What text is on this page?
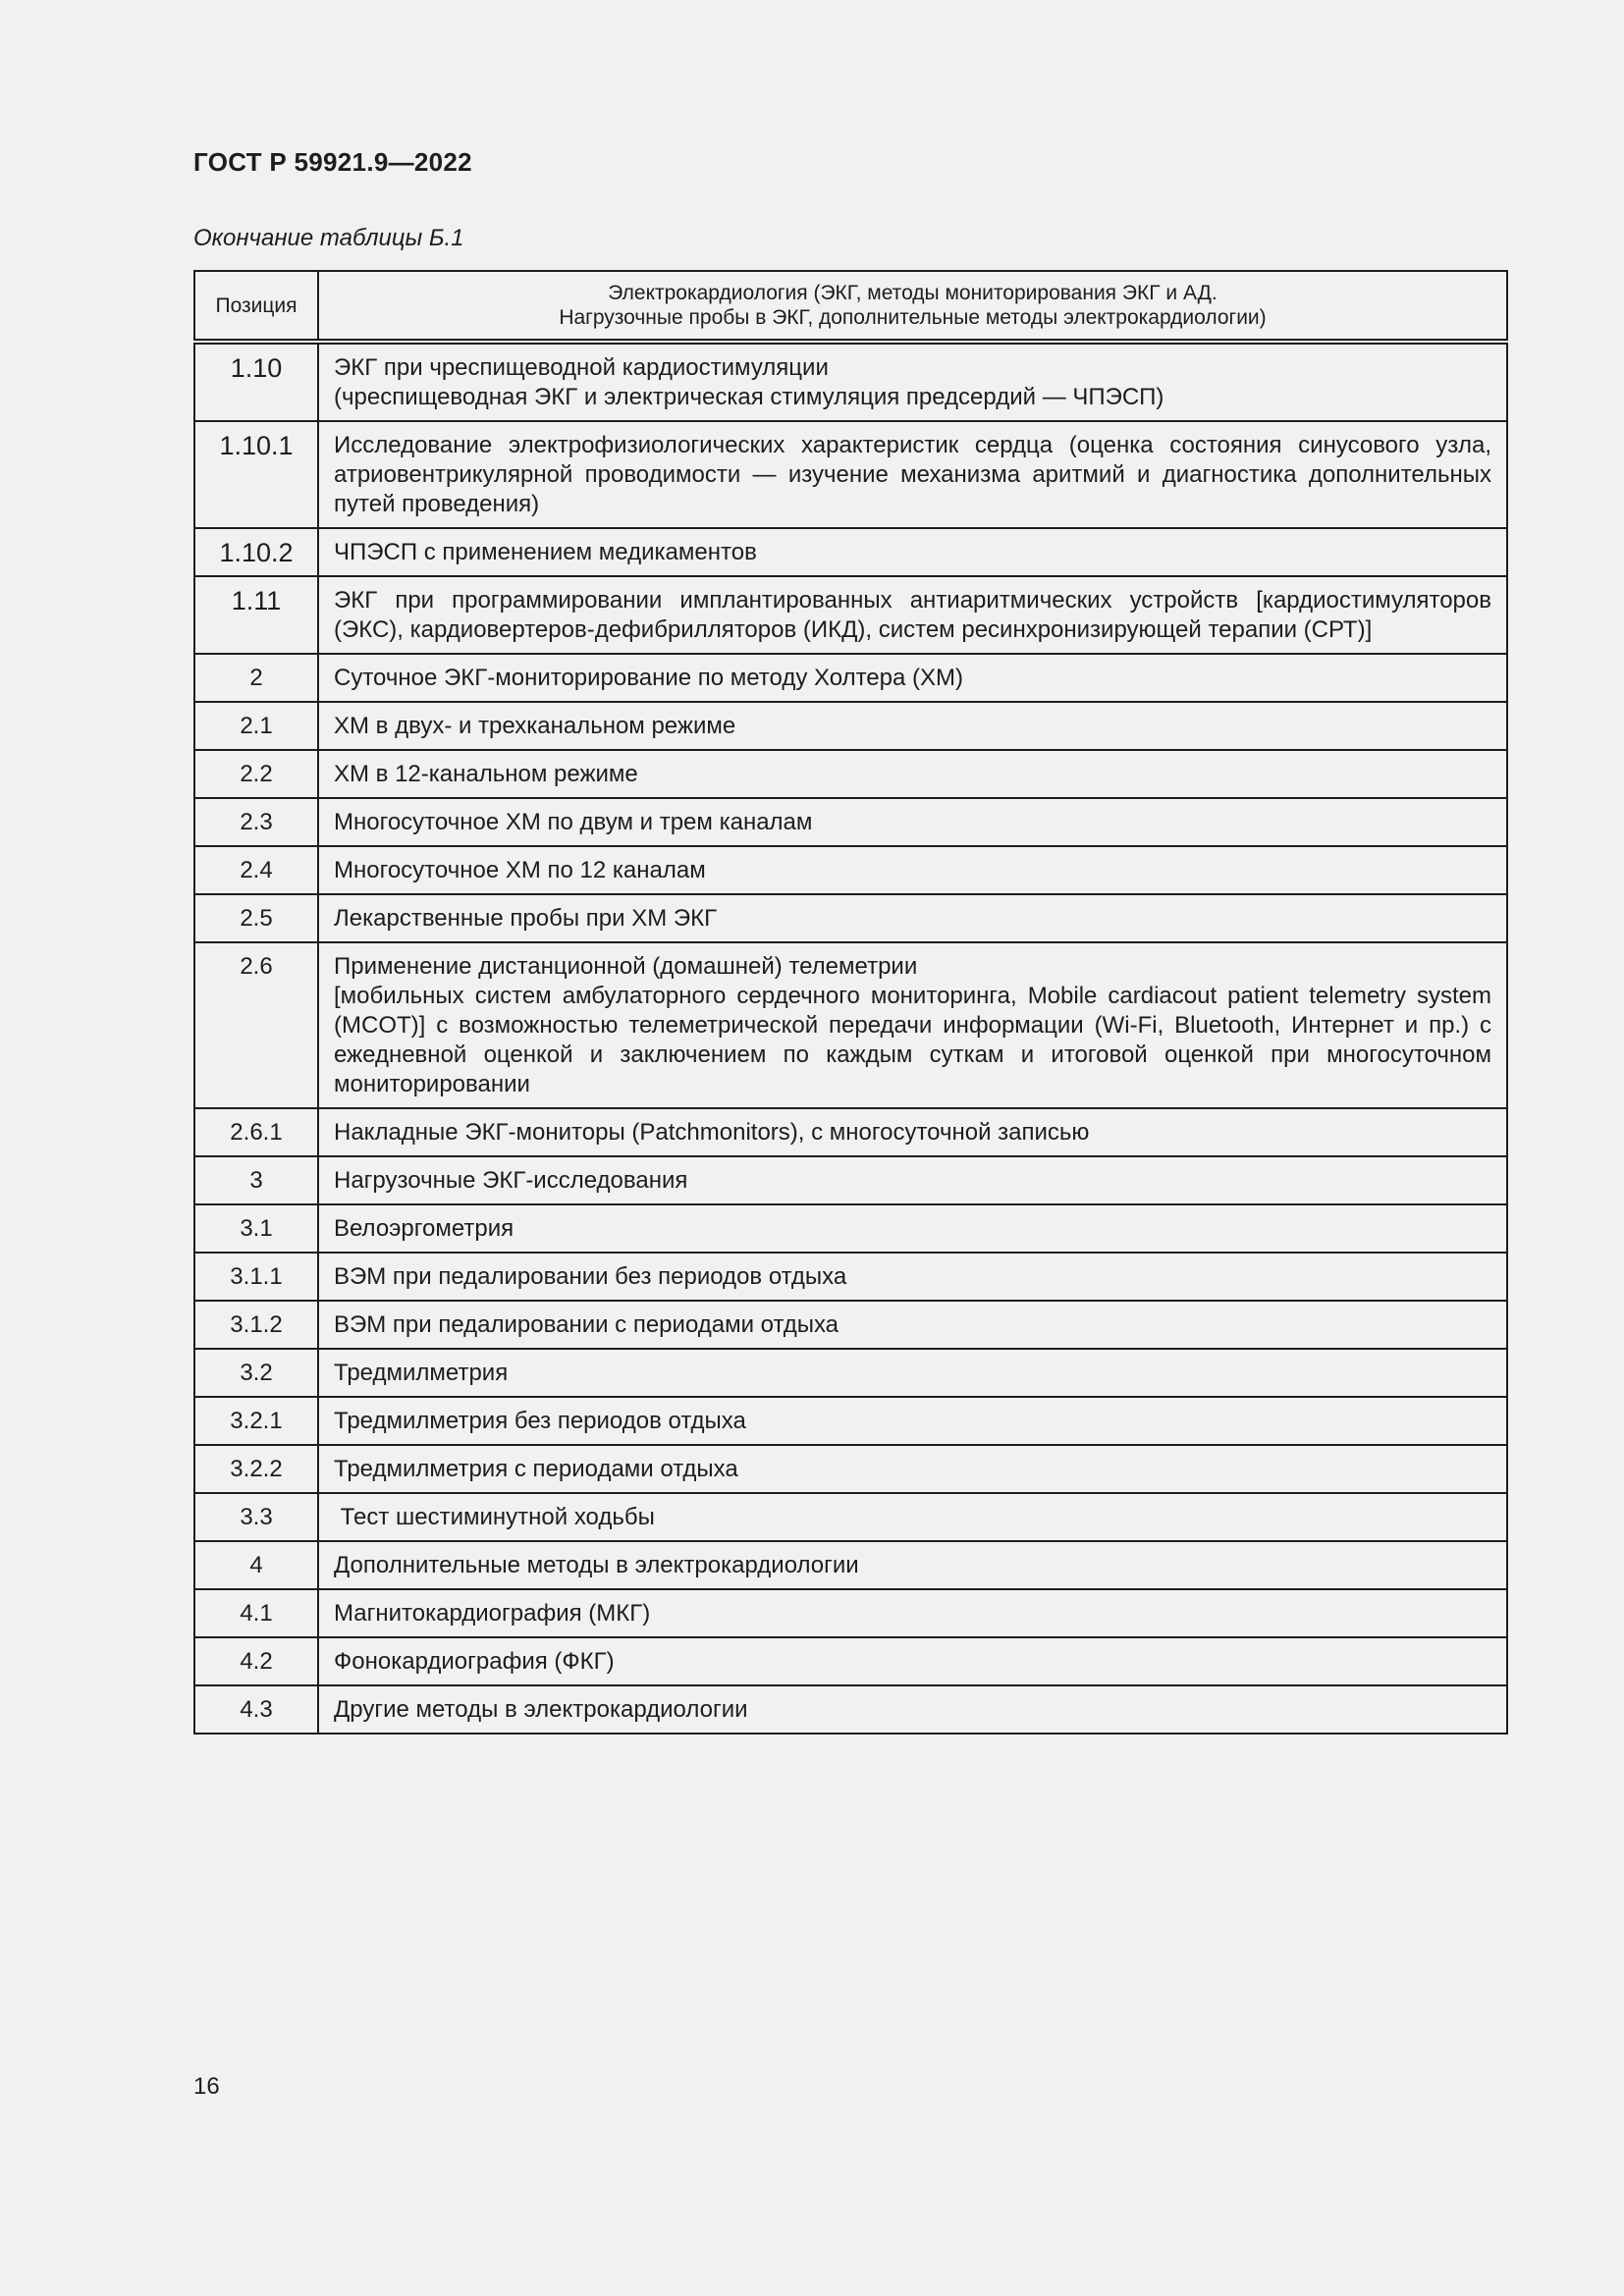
ГОСТ Р 59921.9—2022
Окончание таблицы Б.1
Позиция	Электрокардиология (ЭКГ, методы мониторирования ЭКГ и АД.
Нагрузочные пробы в ЭКГ, дополнительные методы электрокардиологии)

1.10	ЭКГ при чреспищеводной кардиостимуляции
(чреспищеводная ЭКГ и электрическая стимуляция предсердий — ЧПЭСП)

1.10.1	Исследование электрофизиологических характеристик сердца (оценка состояния синусового узла, атриовентрикулярной проводимости — изучение механизма аритмий и диагностика дополнительных путей проведения)

1.10.2	ЧПЭСП с применением медикаментов

1.11	ЭКГ при программировании имплантированных антиаритмических устройств [кардиостимуляторов (ЭКС), кардиовертеров-дефибрилляторов (ИКД), систем ресинхронизирующей терапии (СРТ)]

2	Суточное ЭКГ-мониторирование по методу Холтера (ХМ)

2.1	ХМ в двух- и трехканальном режиме

2.2	ХМ в 12-канальном режиме

2.3	Многосуточное ХМ по двум и трем каналам

2.4	Многосуточное ХМ по 12 каналам

2.5	Лекарственные пробы при ХМ ЭКГ

2.6	Применение дистанционной (домашней) телеметрии
[мобильных систем амбулаторного сердечного мониторинга, Mobile cardiacout patient telemetry system (MCOT)] с возможностью телеметрической передачи информации (Wi-Fi, Bluetooth, Интернет и пр.) с ежедневной оценкой и заключением по каждым суткам и итоговой оценкой при многосуточном мониторировании

2.6.1	Накладные ЭКГ-мониторы (Patchmonitors), с многосуточной записью

3	Нагрузочные ЭКГ-исследования

3.1	Велоэргометрия

3.1.1	ВЭМ при педалировании без периодов отдыха

3.1.2	ВЭМ при педалировании с периодами отдыха

3.2	Тредмилметрия

3.2.1	Тредмилметрия без периодов отдыха

3.2.2	Тредмилметрия с периодами отдыха

3.3	Тест шестиминутной ходьбы

4	Дополнительные методы в электрокардиологии

4.1	Магнитокардиография (МКГ)

4.2	Фонокардиография (ФКГ)

4.3	Другие методы в электрокардиологии
16
